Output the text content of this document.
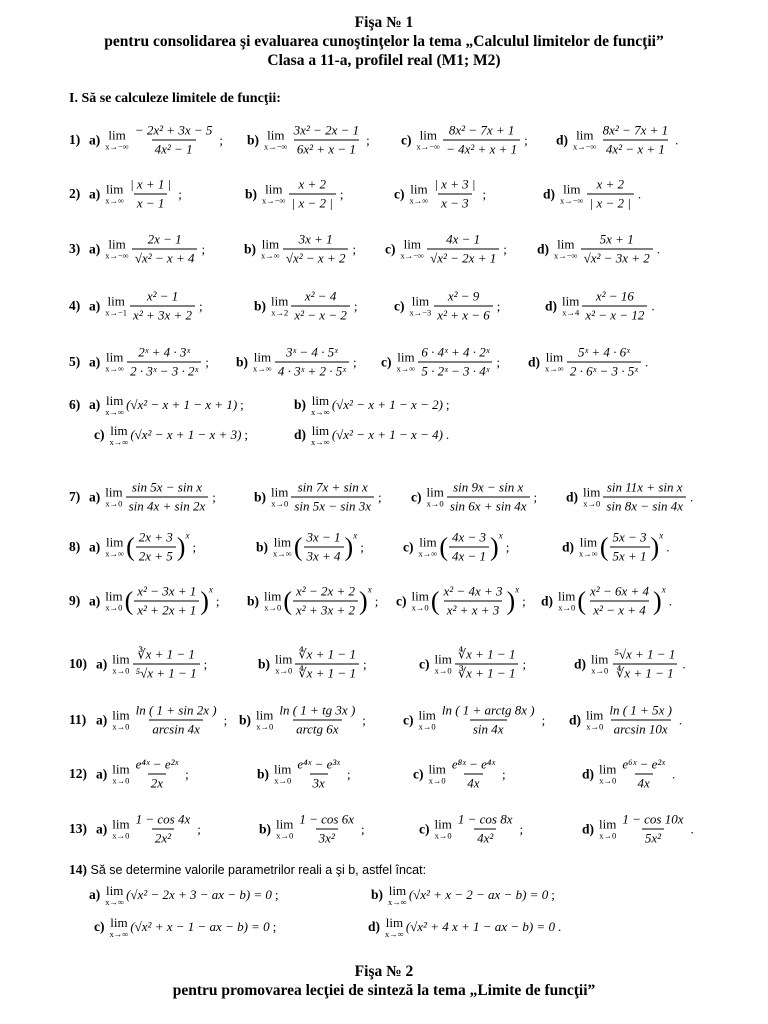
Fişa № 1
pentru consolidarea şi evaluarea cunoştinţelor la tema „Calculul limitelor de funcţii”
Clasa a 11-a, profilel real (M1; M2)
I. Să se calculeze limitele de funcţii:
1) a) lim
$x\to-\infty \frac{\text{− 2x² + 3x − 5}}{\text{4x² − 1}}$ ; b) lim
$x\to-\infty \frac{\text{3x² − 2x − 1}}{\text{6x² + x − 1}}$ ; c) lim
$x\to-\infty \frac{\text{8x² − 7x + 1}}{\text{− 4x² + x + 1}}$ ; d) lim
$x\to-\infty \frac{\text{8x² − 7x + 1}}{\text{4x² − x + 1}}$ .
2) a) lim
$x\to\infty \frac{| x + 1 |}{x - 1}$ ;	b) lim
$x\to-\infty \frac{x + 2}{| x - 2 |}$ ;	c) lim
$x\to\infty \frac{| x + 3 |}{x - 3}$ ;	d) lim
$x\to-\infty \frac{x + 2}{| x - 2 |}$ .
3) a) lim
$x\to-\infty \frac{2x - 1}{\text{√x² − x + 4}}$ ;	b) lim
$x\to\infty \frac{3x + 1}{\text{√x² − x + 2}}$ ; c) lim
$x\to-\infty \frac{4x - 1}{\text{√x² − 2x + 1}}$ ; d) lim
$x\to-\infty \frac{5x + 1}{\text{√x² − 3x + 2}}$ .
4) a) lim
$x\to-1 \frac{\text{x² − 1}}{\text{x² + 3x + 2}}$ ;	b) lim
$x\to 2 \frac{\text{x² − 4}}{\text{x² − x − 2}}$ ;	c) lim
$x\to-3 \frac{\text{x² − 9}}{\text{x² + x − 6}}$ ;	d) lim
$x\to 4 \frac{\text{x² − 16}}{\text{x² − x − 12}}$ .
5) a) lim
$x\to\infty \frac{\text{2ˣ + 4 · 3ˣ}}{\text{2 · 3ˣ − 3 · 2ˣ}}$ ; b) lim
$x\to\infty \frac{\text{3ˣ − 4 · 5ˣ}}{\text{4 · 3ˣ + 2 · 5ˣ}}$ ; c) lim
$x\to\infty \frac{\text{6 · 4ˣ + 4 · 2ˣ}}{\text{5 · 2ˣ − 3 · 4ˣ}}$ ; d) lim
$x\to\infty \frac{\text{5ˣ + 4 · 6ˣ}}{\text{2 · 6ˣ − 3 · 5ˣ}}$ .
6) a) lim
x→∞ (√x² − x + 1 − x + 1) ;	b) lim
x→∞ (√x² − x + 1 − x − 2) ;
c) lim
x→∞ (√x² − x + 1 − x + 3) ;	d) lim
x→∞ (√x² − x + 1 − x − 4) .
7) a) lim
$x\to 0 \frac{\text{sin 5x − sin x}}{\sin 4x + \sin 2x}$ ;	b) lim
$x\to 0 \frac{\text{sin 7x + sin x}}{\sin 5x - \sin 3x}$ ; c) lim
$x\to 0 \frac{\text{sin 9x − sin x}}{\sin 6x + \sin 4x}$ ; d) lim
$x\to 0 \frac{\text{sin 11x + sin x}}{\sin 8x - \sin 4x}$ .
8) a) lim
x→∞ ( $\frac{2x + 3}{2x + 5} )^x$
;	b) lim
x→∞ ( $\frac{3x - 1}{3x + 4} )^x$
;	c) lim
x→∞ ( $\frac{4x - 3}{4x - 1} )^x$
;	d) lim
x→∞ ( $\frac{5x - 3}{5x + 1} )^x$
.
9) a) lim
x→0 ( $\frac{\text{x² − 3x + 1}}{\text{x² + 2x + 1}} )^x$
; b) lim
x→0 ( $\frac{\text{x² − 2x + 2}}{\text{x² + 3x + 2}} )^x$
; c) lim
x→0 ( $\frac{\text{x² − 4x + 3}}{\text{x² + x + 3}} )^x$
; d) lim
x→0 ( $\frac{\text{x² − 6x + 4}}{\text{x² − x + 4}} )^x$
.
10) a) lim
$x\to 0 \frac{∛x + 1 - 1}{\text{⁵√x + 1 − 1}}$ ;	b) lim
$x\to 0 \frac{∜x + 1 - 1}{∜x + 1 - 1}$ ;	c) lim
$x\to 0 \frac{∜x + 1 - 1}{∛x + 1 - 1}$ ;	d) lim
$x\to 0 \frac{\text{⁵√x + 1 − 1}}{∜x + 1 - 1}$ .
11) a) lim
$x\to 0 \frac{\ln ( 1 + \sin 2x )}{\arcsin 4x}$ ; b) lim
$x\to 0 \frac{\ln ( 1 + tg 3x )}{\text{arctg 6x}}$ ;	c) lim
$x\to 0 \frac{\text{ln ( 1 + arctg 8x )}}{\sin 4x}$ ; d) lim
$x\to 0 \frac{\ln ( 1 + 5x )}{\arcsin 10x}$ .
12) a) lim
$x\to 0 \frac{\text{e⁴ˣ − e²ˣ}}{2x}$ ;	b) lim
$x\to 0 \frac{\text{e⁴ˣ − e³ˣ}}{3x}$ ;	c) lim
$x\to 0 \frac{\text{e⁸ˣ − e⁴ˣ}}{4x}$ ;	d) lim
$x\to 0 \frac{\text{e⁶ˣ − e²ˣ}}{4x}$ .
13) a) lim
$x\to 0 \frac{1 - \cos 4x}{\text{2x²}}$ ;	b) lim
$x\to 0 \frac{1 - \cos 6x}{\text{3x²}}$ ;	c) lim
$x\to 0 \frac{1 - \cos 8x}{\text{4x²}}$ ;	d) lim
$x\to 0 \frac{1 - \cos 10x}{\text{5x²}}$ .
14) Să se determine valorile parametrilor reali a şi b, astfel încat:
a) lim
x→∞ (√x² − 2x + 3 − ax − b) = 0 ;	b) lim
x→∞ (√x² + x − 2 − ax − b) = 0 ;
c) lim
x→∞ (√x² + x − 1 − ax − b) = 0 ;	d) lim
x→∞ (√x² + 4 x + 1 − ax − b) = 0 .
Fişa № 2
pentru promovarea lecţiei de sinteză la tema „Limite de funcţii”
